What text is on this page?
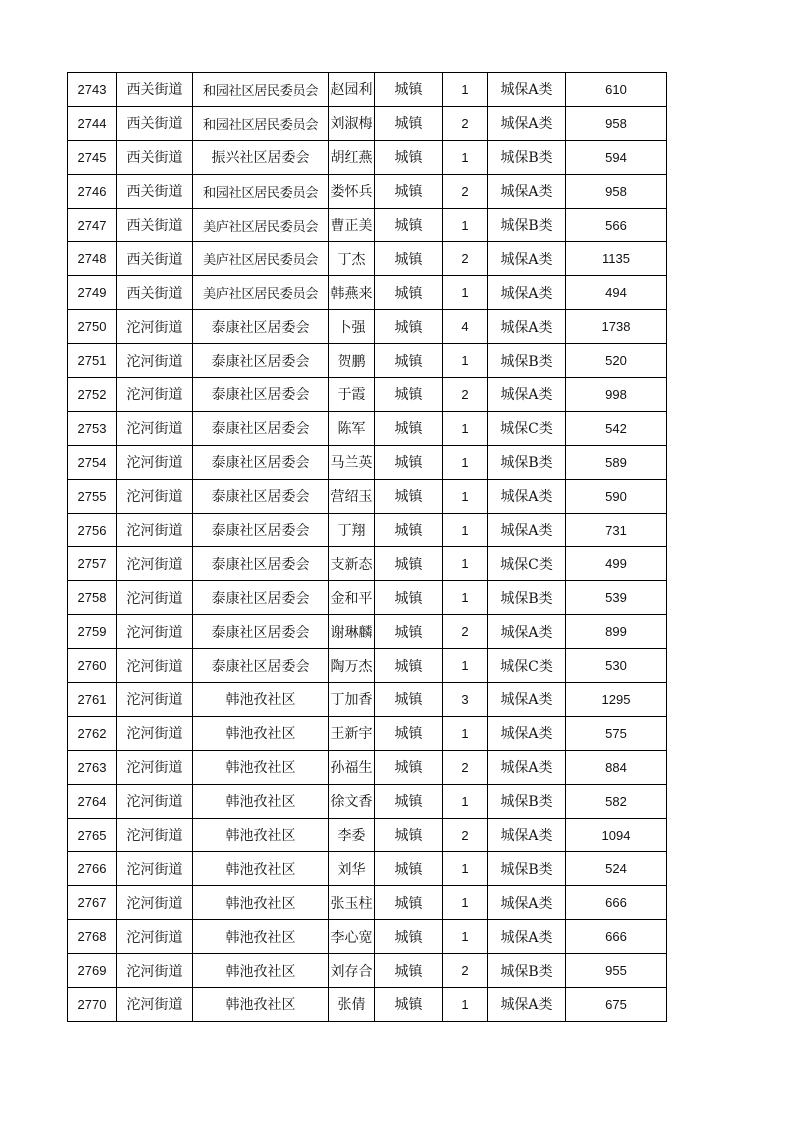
2743	西关街道	和园社区居民委员会	赵园利	城镇	1	城保A类	610
2744	西关街道	和园社区居民委员会	刘淑梅	城镇	2	城保A类	958
2745	西关街道	振兴社区居委会	胡红燕	城镇	1	城保B类	594
2746	西关街道	和园社区居民委员会	娄怀兵	城镇	2	城保A类	958
2747	西关街道	美庐社区居民委员会	曹正美	城镇	1	城保B类	566
2748	西关街道	美庐社区居民委员会	丁杰	城镇	2	城保A类	1135
2749	西关街道	美庐社区居民委员会	韩燕来	城镇	1	城保A类	494
2750	沱河街道	泰康社区居委会	卜强	城镇	4	城保A类	1738
2751	沱河街道	泰康社区居委会	贺鹏	城镇	1	城保B类	520
2752	沱河街道	泰康社区居委会	于霞	城镇	2	城保A类	998
2753	沱河街道	泰康社区居委会	陈军	城镇	1	城保C类	542
2754	沱河街道	泰康社区居委会	马兰英	城镇	1	城保B类	589
2755	沱河街道	泰康社区居委会	营绍玉	城镇	1	城保A类	590
2756	沱河街道	泰康社区居委会	丁翔	城镇	1	城保A类	731
2757	沱河街道	泰康社区居委会	支新态	城镇	1	城保C类	499
2758	沱河街道	泰康社区居委会	金和平	城镇	1	城保B类	539
2759	沱河街道	泰康社区居委会	谢琳麟	城镇	2	城保A类	899
2760	沱河街道	泰康社区居委会	陶万杰	城镇	1	城保C类	530
2761	沱河街道	韩池孜社区	丁加香	城镇	3	城保A类	1295
2762	沱河街道	韩池孜社区	王新宇	城镇	1	城保A类	575
2763	沱河街道	韩池孜社区	孙福生	城镇	2	城保A类	884
2764	沱河街道	韩池孜社区	徐文香	城镇	1	城保B类	582
2765	沱河街道	韩池孜社区	李委	城镇	2	城保A类	1094
2766	沱河街道	韩池孜社区	刘华	城镇	1	城保B类	524
2767	沱河街道	韩池孜社区	张玉柱	城镇	1	城保A类	666
2768	沱河街道	韩池孜社区	李心宽	城镇	1	城保A类	666
2769	沱河街道	韩池孜社区	刘存合	城镇	2	城保B类	955
2770	沱河街道	韩池孜社区	张倩	城镇	1	城保A类	675
